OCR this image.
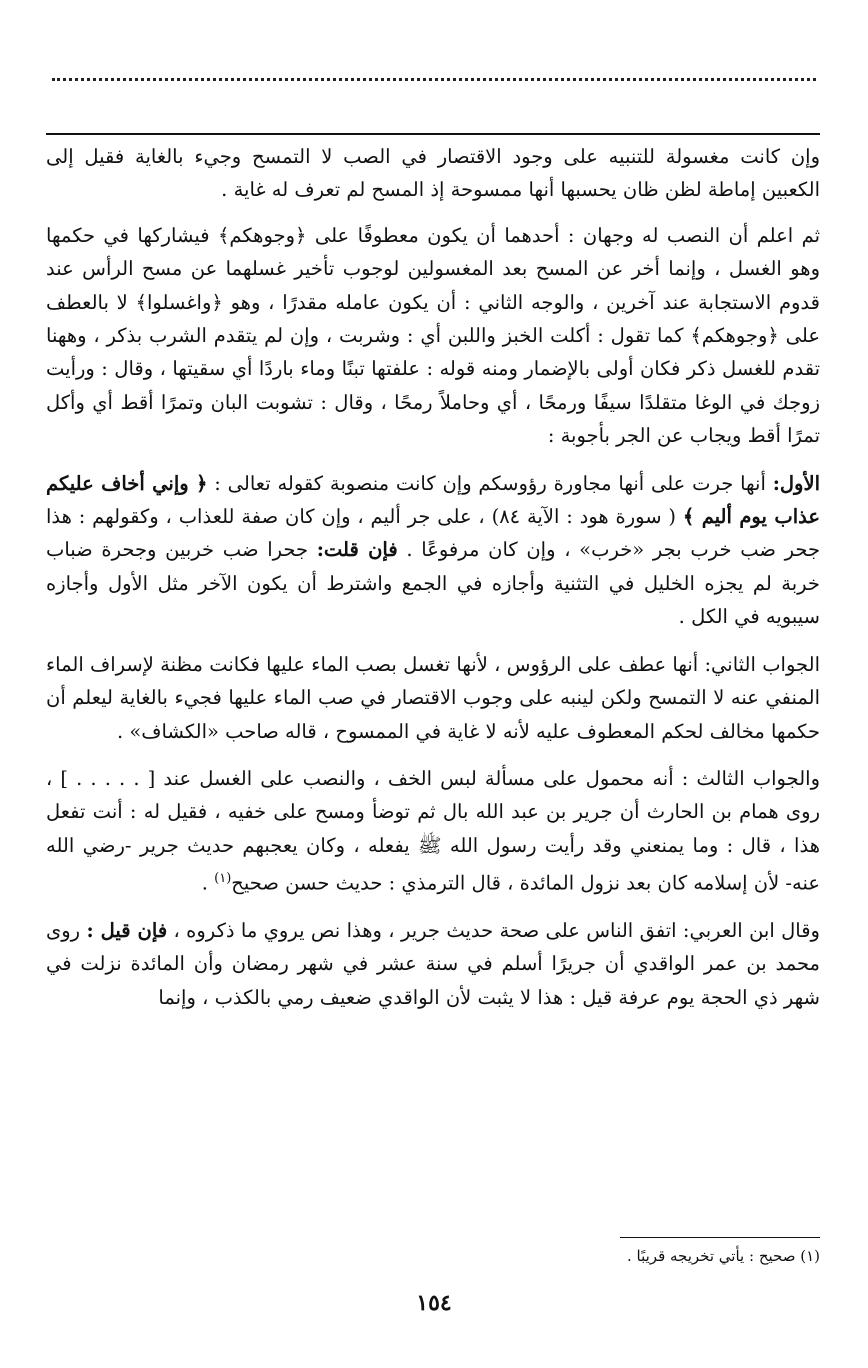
وإن كانت مغسولة للتنبيه على وجود الاقتصار في الصب لا التمسح وجيء بالغاية فقيل إلى الكعبين إماطة لظن ظان يحسبها أنها ممسوحة إذ المسح لم تعرف له غاية .

ثم اعلم أن النصب له وجهان : أحدهما أن يكون معطوفًا على ﴿وجوهكم﴾ فيشاركها في حكمها وهو الغسل ، وإنما أخر عن المسح بعد المغسولين لوجوب تأخير غسلهما عن مسح الرأس عند قدوم الاستجابة عند آخرين ، والوجه الثاني : أن يكون عامله مقدرًا ، وهو ﴿واغسلوا﴾ لا بالعطف على ﴿وجوهكم﴾ كما تقول : أكلت الخبز واللبن أي : وشربت ، وإن لم يتقدم الشرب بذكر ، وههنا تقدم للغسل ذكر فكان أولى بالإضمار ومنه قوله : علفتها تبنًا وماء باردًا أي سقيتها ، وقال : ورأيت زوجك في الوغا متقلدًا سيفًا ورمحًا ، أي وحاملاً رمحًا ، وقال : تشوبت البان وتمرًا أقط أي وأكل تمرًا أقط ويجاب عن الجر بأجوبة :

الأول: أنها جرت على أنها مجاورة رؤوسكم وإن كانت منصوبة كقوله تعالى : ﴿ وإني أخاف عليكم عذاب يوم أليم ﴾ ( سورة هود : الآية ٨٤) ، على جر أليم ، وإن كان صفة للعذاب ، وكقولهم : هذا جحر ضب خرب بجر «خرب» ، وإن كان مرفوعًا . فإن قلت: جحرا ضب خربين وجحرة ضباب خربة لم يجزه الخليل في التثنية وأجازه في الجمع واشترط أن يكون الآخر مثل الأول وأجازه سيبويه في الكل .

الجواب الثاني: أنها عطف على الرؤوس ، لأنها تغسل بصب الماء عليها فكانت مظنة لإسراف الماء المنفي عنه لا التمسح ولكن لينبه على وجوب الاقتصار في صب الماء عليها فجيء بالغاية ليعلم أن حكمها مخالف لحكم المعطوف عليه لأنه لا غاية في الممسوح ، قاله صاحب «الكشاف» .

والجواب الثالث : أنه محمول على مسألة لبس الخف ، والنصب على الغسل عند [ . . . . . ] ، روى همام بن الحارث أن جرير بن عبد الله بال ثم توضأ ومسح على خفيه ، فقيل له : أنت تفعل هذا ، قال : وما يمنعني وقد رأيت رسول الله ﷺ يفعله ، وكان يعجبهم حديث جرير -رضي الله عنه- لأن إسلامه كان بعد نزول المائدة ، قال الترمذي : حديث حسن صحيح$^{(١)}$ .

وقال ابن العربي: اتفق الناس على صحة حديث جرير ، وهذا نص يروي ما ذكروه ، فإن قيل : روى محمد بن عمر الواقدي أن جريرًا أسلم في سنة عشر في شهر رمضان وأن المائدة نزلت في شهر ذي الحجة يوم عرفة قيل : هذا لا يثبت لأن الواقدي ضعيف رمي بالكذب ، وإنما

(١) صحيح : يأتي تخريجه قريبًا .
١٥٤
